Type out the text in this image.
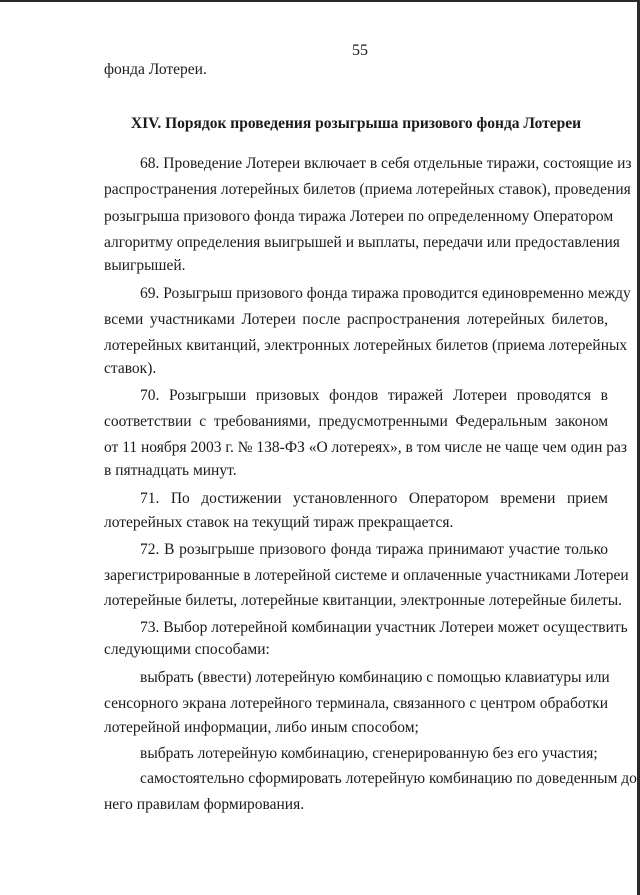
55
фонда Лотереи.
XIV. Порядок проведения розыгрыша призового фонда Лотереи
68. Проведение Лотереи включает в себя отдельные тиражи, состоящие из
распространения лотерейных билетов (приема лотерейных ставок), проведения
розыгрыша призового фонда тиража Лотереи по определенному Оператором
алгоритму определения выигрышей и выплаты, передачи или предоставления
выигрышей.
69. Розыгрыш призового фонда тиража проводится единовременно между
всеми участниками Лотереи после распространения лотерейных билетов,
лотерейных квитанций, электронных лотерейных билетов (приема лотерейных
ставок).
70. Розыгрыши призовых фондов тиражей Лотереи проводятся в
соответствии с требованиями, предусмотренными Федеральным законом
от 11 ноября 2003 г. № 138-ФЗ «О лотереях», в том числе не чаще чем один раз
в пятнадцать минут.
71. По достижении установленного Оператором времени прием
лотерейных ставок на текущий тираж прекращается.
72. В розыгрыше призового фонда тиража принимают участие только
зарегистрированные в лотерейной системе и оплаченные участниками Лотереи
лотерейные билеты, лотерейные квитанции, электронные лотерейные билеты.
73. Выбор лотерейной комбинации участник Лотереи может осуществить
следующими способами:
выбрать (ввести) лотерейную комбинацию с помощью клавиатуры или
сенсорного экрана лотерейного терминала, связанного с центром обработки
лотерейной информации, либо иным способом;
выбрать лотерейную комбинацию, сгенерированную без его участия;
самостоятельно сформировать лотерейную комбинацию по доведенным до
него правилам формирования.
